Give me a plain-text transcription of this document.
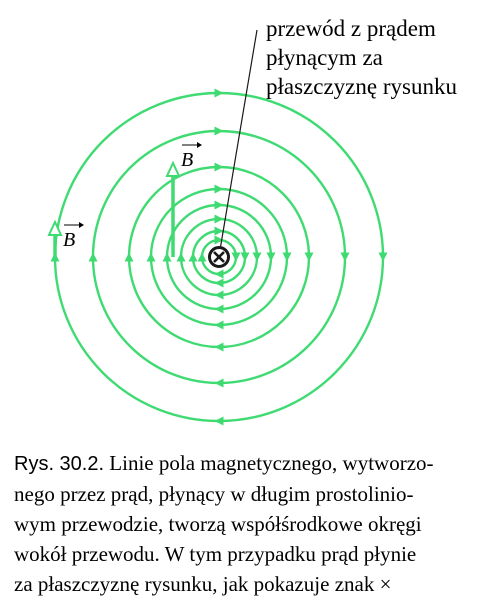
B
B
przewód z prądem
płynącym za
płaszczyznę rysunku
Rys. 30.2. Linie pola magnetycznego, wytworzo-
nego przez prąd, płynący w długim prostolinio-
wym przewodzie, tworzą współśrodkowe okręgi
wokół przewodu. W tym przypadku prąd płynie
za płaszczyznę rysunku, jak pokazuje znak ×
